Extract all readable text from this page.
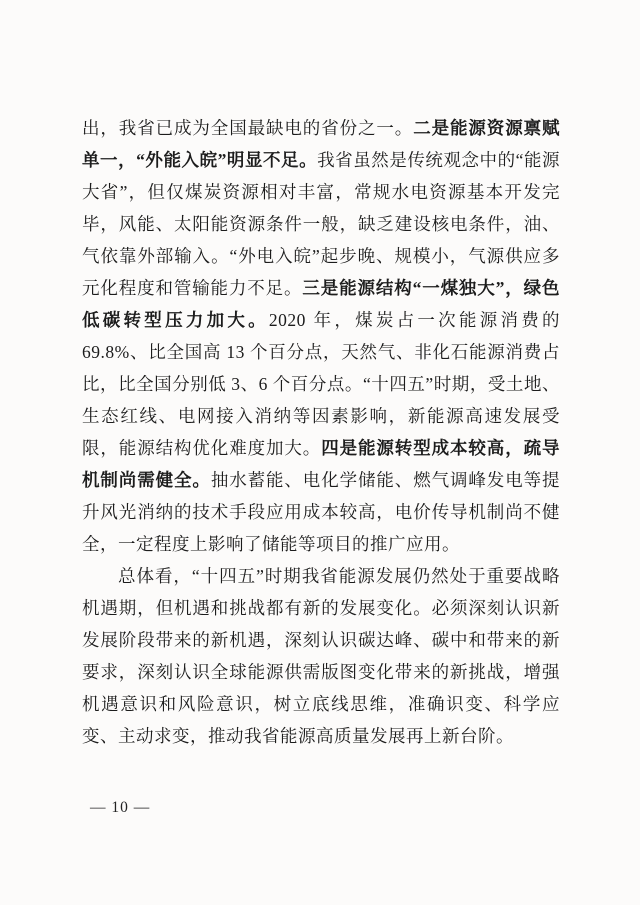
出，我省已成为全国最缺电的省份之一。二是能源资源禀赋单一，“外能入皖”明显不足。我省虽然是传统观念中的“能源大省”，但仅煤炭资源相对丰富，常规水电资源基本开发完毕，风能、太阳能资源条件一般，缺乏建设核电条件，油、气依靠外部输入。“外电入皖”起步晚、规模小，气源供应多元化程度和管输能力不足。三是能源结构“一煤独大”，绿色低碳转型压力加大。2020 年，煤炭占一次能源消费的 69.8%、比全国高 13 个百分点，天然气、非化石能源消费占比，比全国分别低 3、6 个百分点。“十四五”时期，受土地、生态红线、电网接入消纳等因素影响，新能源高速发展受限，能源结构优化难度加大。四是能源转型成本较高，疏导机制尚需健全。抽水蓄能、电化学储能、燃气调峰发电等提升风光消纳的技术手段应用成本较高，电价传导机制尚不健全，一定程度上影响了储能等项目的推广应用。

总体看，“十四五”时期我省能源发展仍然处于重要战略机遇期，但机遇和挑战都有新的发展变化。必须深刻认识新发展阶段带来的新机遇，深刻认识碳达峰、碳中和带来的新要求，深刻认识全球能源供需版图变化带来的新挑战，增强机遇意识和风险意识，树立底线思维，准确识变、科学应变、主动求变，推动我省能源高质量发展再上新台阶。

— 10 —
